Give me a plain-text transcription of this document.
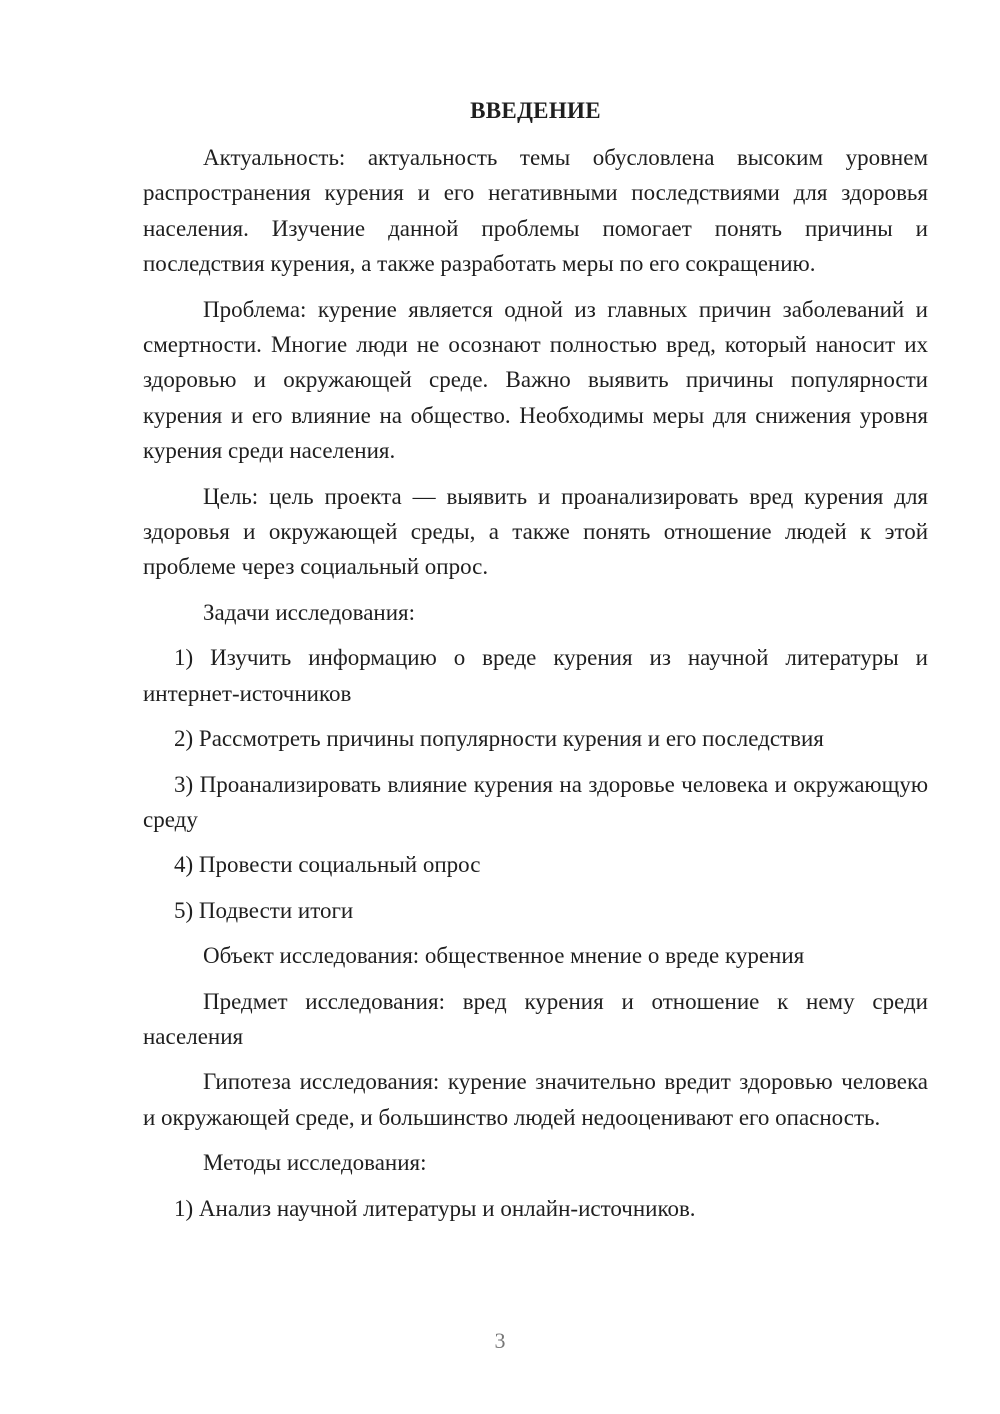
ВВЕДЕНИЕ

Актуальность: актуальность темы обусловлена высоким уровнем распространения курения и его негативными последствиями для здоровья населения. Изучение данной проблемы помогает понять причины и последствия курения, а также разработать меры по его сокращению.

Проблема: курение является одной из главных причин заболеваний и смертности. Многие люди не осознают полностью вред, который наносит их здоровью и окружающей среде. Важно выявить причины популярности курения и его влияние на общество. Необходимы меры для снижения уровня курения среди населения.

Цель: цель проекта — выявить и проанализировать вред курения для здоровья и окружающей среды, а также понять отношение людей к этой проблеме через социальный опрос.

Задачи исследования:

1) Изучить информацию о вреде курения из научной литературы и интернет-источников

2) Рассмотреть причины популярности курения и его последствия

3) Проанализировать влияние курения на здоровье человека и окружающую среду

4) Провести социальный опрос

5) Подвести итоги

Объект исследования: общественное мнение о вреде курения

Предмет исследования: вред курения и отношение к нему среди населения

Гипотеза исследования: курение значительно вредит здоровью человека и окружающей среде, и большинство людей недооценивают его опасность.

Методы исследования:

1) Анализ научной литературы и онлайн-источников.

3
